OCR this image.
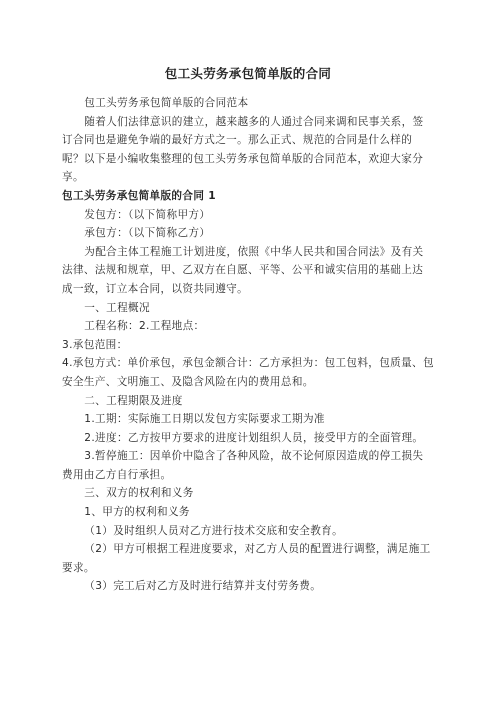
包工头劳务承包简单版的合同

包工头劳务承包简单版的合同范本

随着人们法律意识的建立，越来越多的人通过合同来调和民事关系，签订合同也是避免争端的最好方式之一。那么正式、规范的合同是什么样的呢？以下是小编收集整理的包工头劳务承包简单版的合同范本，欢迎大家分享。

包工头劳务承包简单版的合同 1

发包方：（以下简称甲方）

承包方：（以下简称乙方）

为配合主体工程施工计划进度，依照《中华人民共和国合同法》及有关法律、法规和规章，甲、乙双方在自愿、平等、公平和诚实信用的基础上达成一致，订立本合同，以资共同遵守。

一、工程概况

工程名称：2.工程地点：

3.承包范围：

4.承包方式：单价承包，承包金额合计：乙方承担为：包工包料，包质量、包安全生产、文明施工、及隐含风险在内的费用总和。

二、工程期限及进度

1.工期：实际施工日期以发包方实际要求工期为准

2.进度：乙方按甲方要求的进度计划组织人员，接受甲方的全面管理。

3.暂停施工：因单价中隐含了各种风险，故不论何原因造成的停工损失费用由乙方自行承担。

三、双方的权利和义务

1、甲方的权利和义务

（1）及时组织人员对乙方进行技术交底和安全教育。

（2）甲方可根据工程进度要求，对乙方人员的配置进行调整，满足施工要求。

（3）完工后对乙方及时进行结算并支付劳务费。
